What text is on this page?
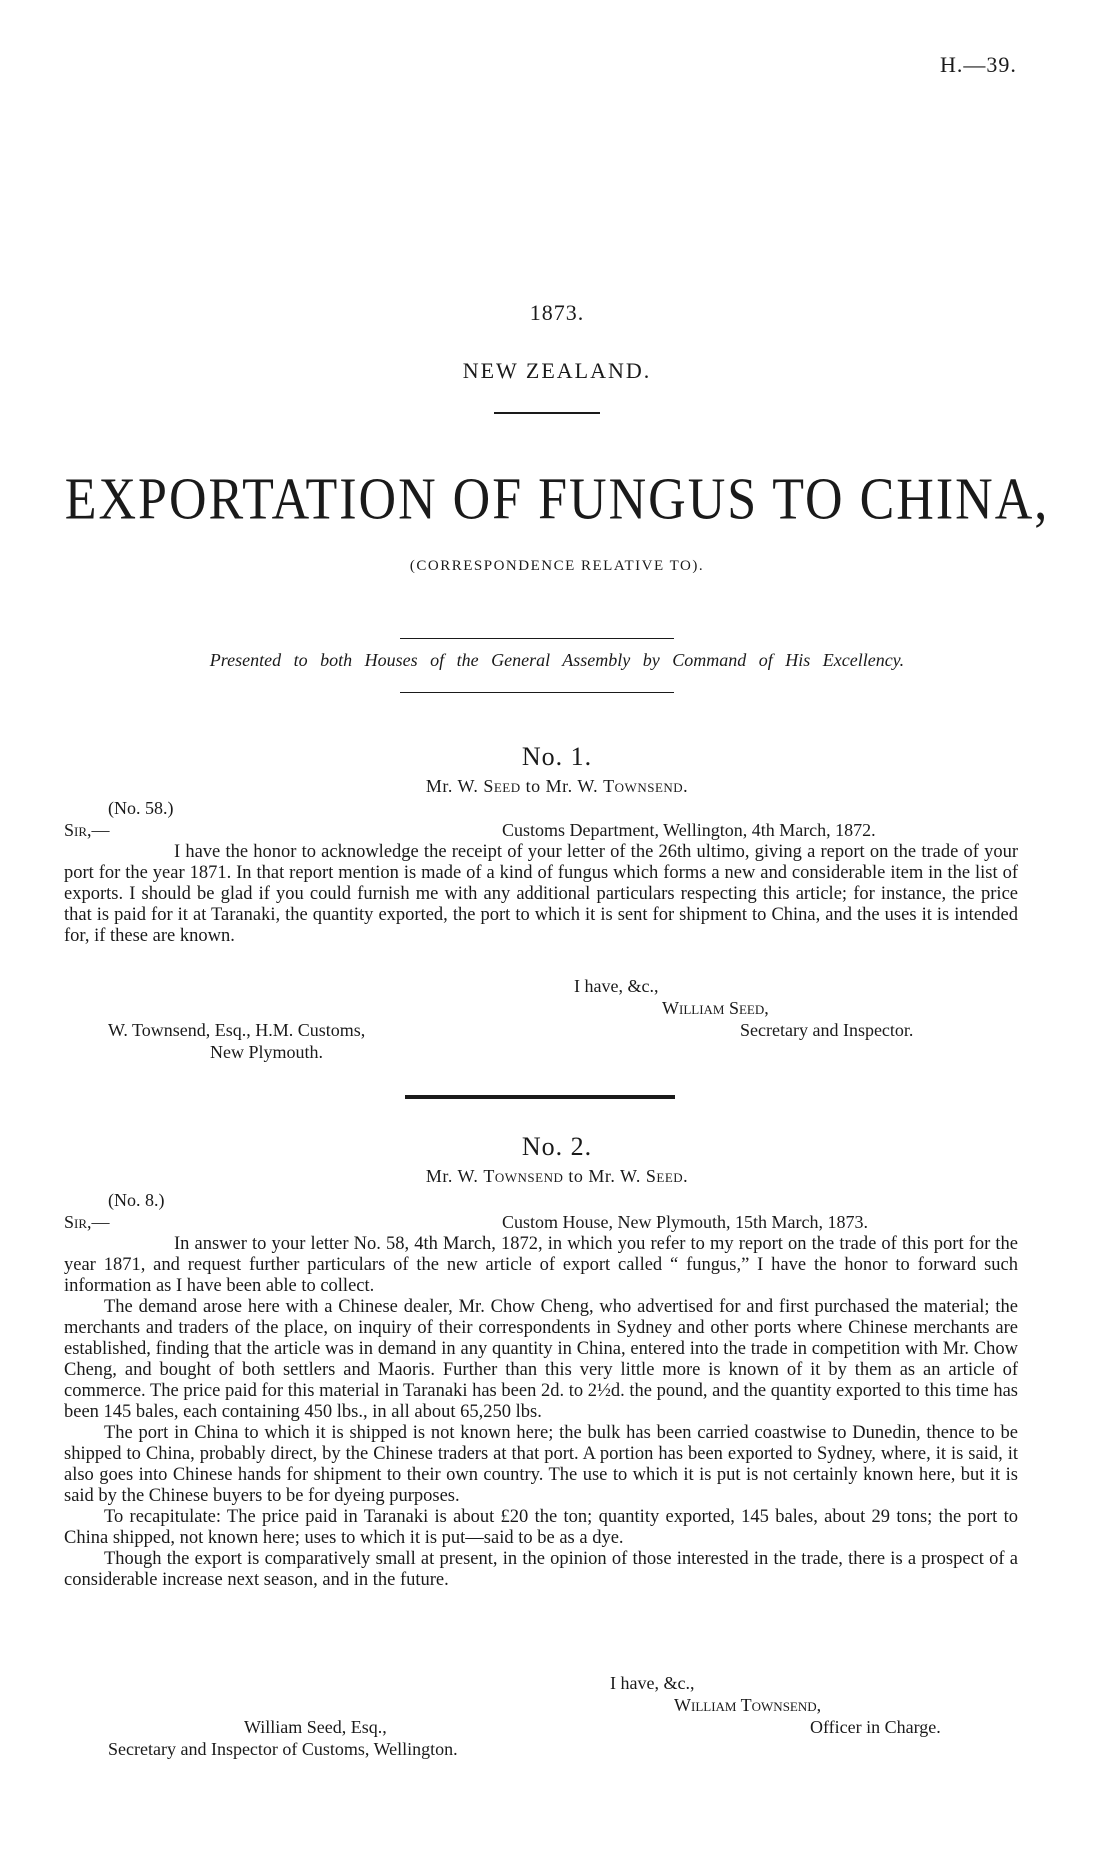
H.—39.
1873.
NEW ZEALAND.
EXPORTATION OF FUNGUS TO CHINA,
(CORRESPONDENCE RELATIVE TO).
Presented to both Houses of the General Assembly by Command of His Excellency.
No. 1.
Mr. W. Seed to Mr. W. Townsend.
(No. 58.)
Sir,—	Customs Department, Wellington, 4th March, 1872.

I have the honor to acknowledge the receipt of your letter of the 26th ultimo, giving a report on the trade of your port for the year 1871. In that report mention is made of a kind of fungus which forms a new and considerable item in the list of exports. I should be glad if you could furnish me with any additional particulars respecting this article; for instance, the price that is paid for it at Taranaki, the quantity exported, the port to which it is sent for shipment to China, and the uses it is intended for, if these are known.

I have, &c.,
William Seed,
Secretary and Inspector.
W. Townsend, Esq., H.M. Customs,
New Plymouth.
No. 2.
Mr. W. Townsend to Mr. W. Seed.
(No. 8.)
Sir,—	Custom House, New Plymouth, 15th March, 1873.

In answer to your letter No. 58, 4th March, 1872, in which you refer to my report on the trade of this port for the year 1871, and request further particulars of the new article of export called “ fungus,” I have the honor to forward such information as I have been able to collect.

The demand arose here with a Chinese dealer, Mr. Chow Cheng, who advertised for and first purchased the material; the merchants and traders of the place, on inquiry of their correspondents in Sydney and other ports where Chinese merchants are established, finding that the article was in demand in any quantity in China, entered into the trade in competition with Mr. Chow Cheng, and bought of both settlers and Maoris. Further than this very little more is known of it by them as an article of commerce. The price paid for this material in Taranaki has been 2d. to 2½d. the pound, and the quantity exported to this time has been 145 bales, each containing 450 lbs., in all about 65,250 lbs.

The port in China to which it is shipped is not known here; the bulk has been carried coastwise to Dunedin, thence to be shipped to China, probably direct, by the Chinese traders at that port. A portion has been exported to Sydney, where, it is said, it also goes into Chinese hands for shipment to their own country. The use to which it is put is not certainly known here, but it is said by the Chinese buyers to be for dyeing purposes.

To recapitulate: The price paid in Taranaki is about £20 the ton; quantity exported, 145 bales, about 29 tons; the port to China shipped, not known here; uses to which it is put—said to be as a dye.

Though the export is comparatively small at present, in the opinion of those interested in the trade, there is a prospect of a considerable increase next season, and in the future.

I have, &c.,
William Townsend,
William Seed, Esq.,	Officer in Charge.
Secretary and Inspector of Customs, Wellington.
